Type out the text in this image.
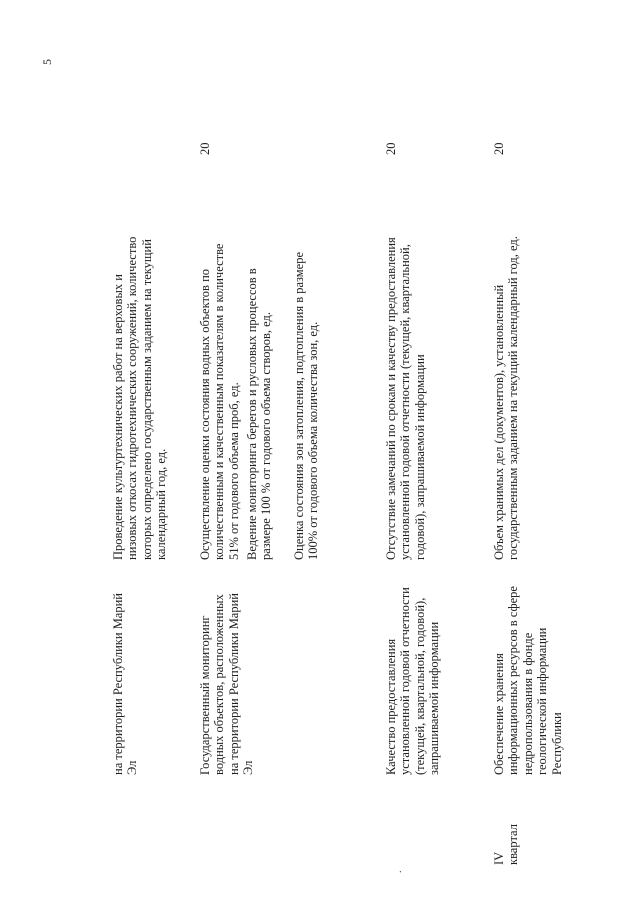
5
.
на территории Республики Марий Эл
Проведение культуртехнических работ на верховых и низовых откосах гидротехнических сооружений, количество которых определено государственным заданием на текущий календарный год, ед.
Государственный мониторинг водных объектов, расположенных на территории Республики Марий Эл
Осуществление оценки состояния водных объектов по количественным и качественным показателям в количестве 51% от годового объема проб, ед. Ведение мониторинга берегов и русловых процессов в размере 100 % от годового объема створов, ед. Оценка состояния зон затопления, подтопления в размере 100% от годового объема количества зон, ед.
20
Качество предоставления установленной годовой отчетности (текущей, квартальной, годовой), запрашиваемой информации
Отсутствие замечаний по срокам и качеству предоставления установленной годовой отчетности (текущей, квартальной, годовой), запрашиваемой информации
20
IV квартал
Обеспечение хранения информационных ресурсов в сфере недропользования в фонде геологической информации Республики
Объем хранимых дел (документов), установленный государственным заданием на текущий календарный год, ед.
20
